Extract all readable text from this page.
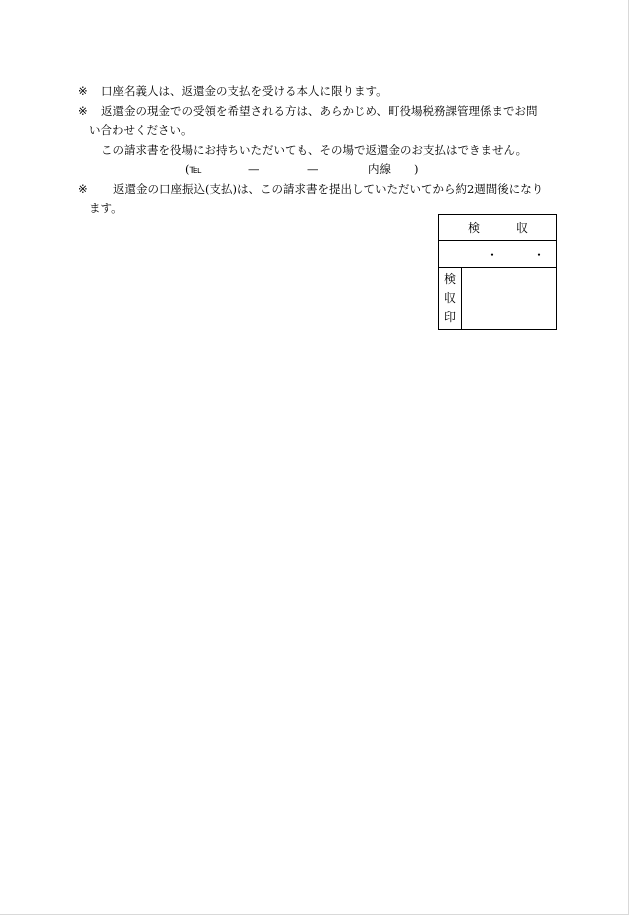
※ 口座名義人は、返還金の支払を受ける本人に限ります。
※ 返還金の現金での受領を希望される方は、あらかじめ、町役場税務課管理係までお問
い合わせください。
この請求書を役場にお持ちいただいても、その場で返還金のお支払はできません。
(℡	—	—	内線 )
※ 返還金の口座振込(支払)は、この請求書を提出していただいてから約2週間後になり
ます。
検	収
・	・
検
収
印
